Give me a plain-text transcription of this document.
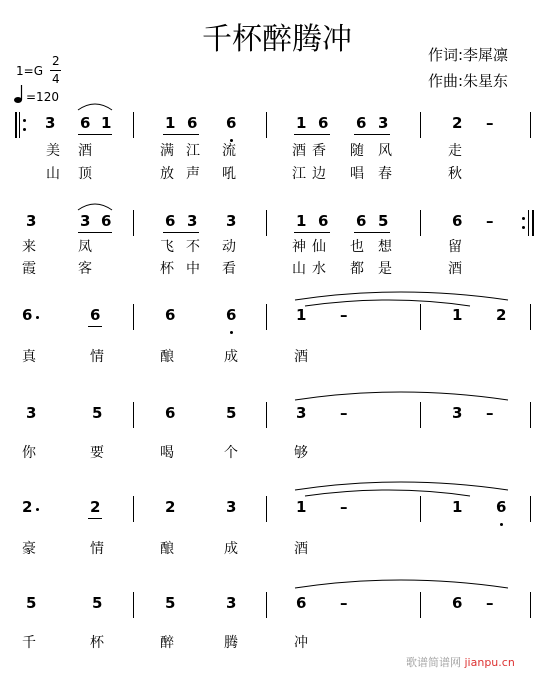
千杯醉腾冲	作词:李犀凛
作曲:朱星东
1=G
2
4
=120
3 6 1	1 6 6	1 6 6 3	2 –
美 酒	满 江 流	酒 香 随 风	走
山 顶	放 声 吼	江 边 唱 春	秋
3	3 6	6 3 3	1 6 6 5	6 –
来	凤	飞 不 动	神 仙 也 想	留
霞	客	杯 中 看	山 水 都 是	酒
6	6	6	6	1 –	1 2
真	情	酿	成	酒
3	5	6	5	3 –	3 –
你	要	喝	个	够
2	2	2	3	1 –	1 6
豪	情	酿	成	酒
5	5	5	3	6 –	6 –
千	杯	醉	腾	冲
歌谱简谱网 jianpu.cn
